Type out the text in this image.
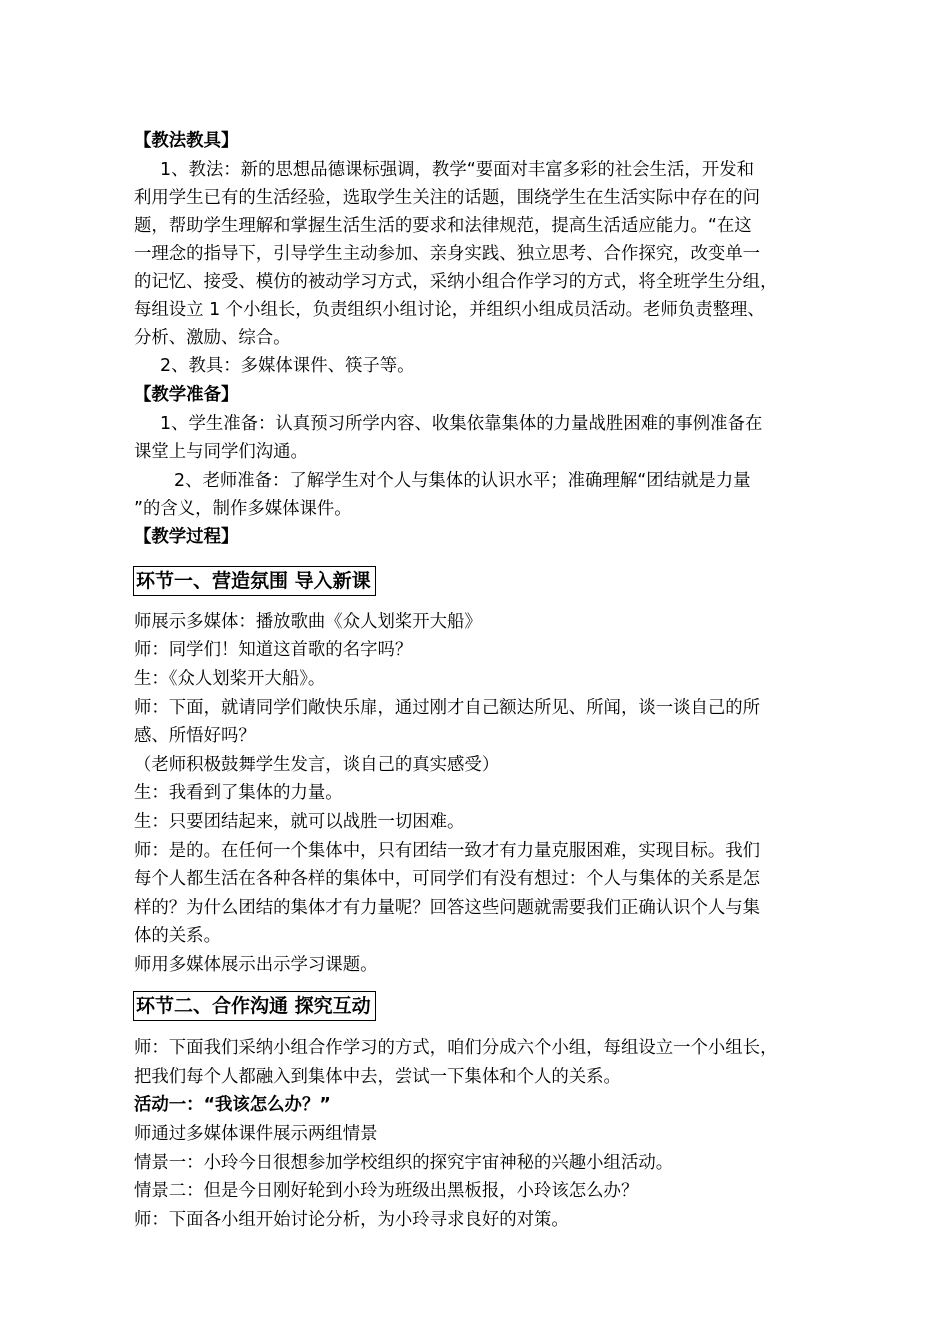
【教法教具】
1、教法：新的思想品德课标强调，教学“要面对丰富多彩的社会生活，开发和
利用学生已有的生活经验，选取学生关注的话题，围绕学生在生活实际中存在的问
题，帮助学生理解和掌握生活生活的要求和法律规范，提高生活适应能力。“在这
一理念的指导下，引导学生主动参加、亲身实践、独立思考、合作探究，改变单一
的记忆、接受、模仿的被动学习方式，采纳小组合作学习的方式，将全班学生分组，
每组设立 1 个小组长，负责组织小组讨论，并组织小组成员活动。老师负责整理、
分析、激励、综合。
2、教具：多媒体课件、筷子等。
【教学准备】
1、学生准备：认真预习所学内容、收集依靠集体的力量战胜困难的事例准备在
课堂上与同学们沟通。
2、老师准备：了解学生对个人与集体的认识水平；准确理解“团结就是力量
”的含义，制作多媒体课件。
【教学过程】
环节一、营造氛围 导入新课
师展示多媒体：播放歌曲《众人划桨开大船》
师：同学们！知道这首歌的名字吗？
生：《众人划桨开大船》。
师：下面，就请同学们敞快乐扉，通过刚才自己额达所见、所闻，谈一谈自己的所
感、所悟好吗？
（老师积极鼓舞学生发言，谈自己的真实感受）
生：我看到了集体的力量。
生：只要团结起来，就可以战胜一切困难。
师：是的。在任何一个集体中，只有团结一致才有力量克服困难，实现目标。我们
每个人都生活在各种各样的集体中，可同学们有没有想过：个人与集体的关系是怎
样的？为什么团结的集体才有力量呢？回答这些问题就需要我们正确认识个人与集
体的关系。
师用多媒体展示出示学习课题。
环节二、合作沟通 探究互动
师：下面我们采纳小组合作学习的方式，咱们分成六个小组，每组设立一个小组长，
把我们每个人都融入到集体中去，尝试一下集体和个人的关系。
活动一：“我该怎么办？”
师通过多媒体课件展示两组情景
情景一：小玲今日很想参加学校组织的探究宇宙神秘的兴趣小组活动。
情景二：但是今日刚好轮到小玲为班级出黑板报，小玲该怎么办？
师：下面各小组开始讨论分析，为小玲寻求良好的对策。
